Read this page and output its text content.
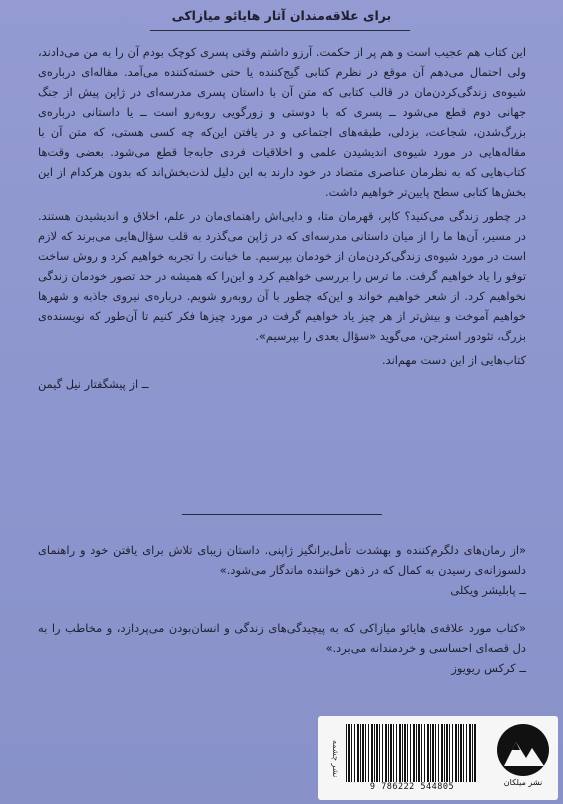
برای علاقه‌مندان آثار هایائو میازاکی

این کتاب هم عجیب است و هم پر از حکمت. آرزو داشتم وقتی پسری کوچک بودم آن را به من می‌دادند، ولی احتمال می‌دهم آن موقع در نظرم کتابی گیج‌کننده یا حتی خسته‌کننده می‌آمد. مقاله‌ای درباره‌ی شیوه‌ی زندگی‌کردن‌مان در قالب کتابی که متن آن با داستان پسری مدرسه‌ای در ژاپن پیش از جنگ جهانی دوم قطع می‌شود ــ پسری که با دوستی و زورگویی روبه‌رو است ــ یا داستانی درباره‌ی بزرگ‌شدن، شجاعت، بزدلی، طبقه‌های اجتماعی و در یافتن این‌که چه کسی هستی، که متن آن با مقاله‌هایی در مورد شیوه‌ی اندیشیدن علمی و اخلاقیات فردی جابه‌جا قطع می‌شود. بعضی وقت‌ها کتاب‌هایی که به نظرمان عناصری متضاد در خود دارند به این دلیل لذت‌بخش‌اند که بدون هرکدام از این بخش‌ها کتابی سطح پایین‌تر خواهیم داشت.

در چطور زندگی می‌کنید؟ کاپر، قهرمان متا، و دایی‌اش راهنمای‌مان در علم، اخلاق و اندیشیدن هستند. در مسیر، آن‌ها ما را از میان داستانی مدرسه‌ای که در ژاپن می‌گذرد به قلب سؤال‌هایی می‌برند که لازم است در مورد شیوه‌ی زندگی‌کردن‌مان از خودمان بپرسیم. ما خیانت را تجربه خواهیم کرد و روش ساخت توفو را یاد خواهیم گرفت. ما ترس را بررسی خواهیم کرد و این‌را که همیشه در حد تصور خودمان زندگی نخواهیم کرد. از شعر خواهیم خواند و این‌که چطور با آن روبه‌رو شویم. درباره‌ی نیروی جاذبه و شهرها خواهیم آموخت و بیش‌تر از هر چیز یاد خواهیم گرفت در مورد چیزها فکر کنیم تا آن‌طور که نویسنده‌ی بزرگ، تئودور استرجن، می‌گوید «سؤال بعدی را بپرسیم».

کتاب‌هایی از این دست مهم‌اند.

ــ از پیشگفتار نیل گیمن
«از رمان‌های دلگرم‌کننده و بهشدت تأمل‌برانگیز ژاپنی. داستان زیبای تلاش برای یافتن خود و راهنمای دلسوزانه‌ی رسیدن به کمال که در ذهن خواننده ماندگار می‌شود.»
ــ پابلیشر ویکلی
«کتاب مورد علاقه‌ی هایائو میازاکی که به پیچیدگی‌های زندگی و انسان‌بودن می‌پردازد، و مخاطب را به دل قصه‌ای احساسی و خردمندانه می‌برد.»
ــ کرکس ریویوز
نشر چشمه
9 786222 544805	نشر میلکان
